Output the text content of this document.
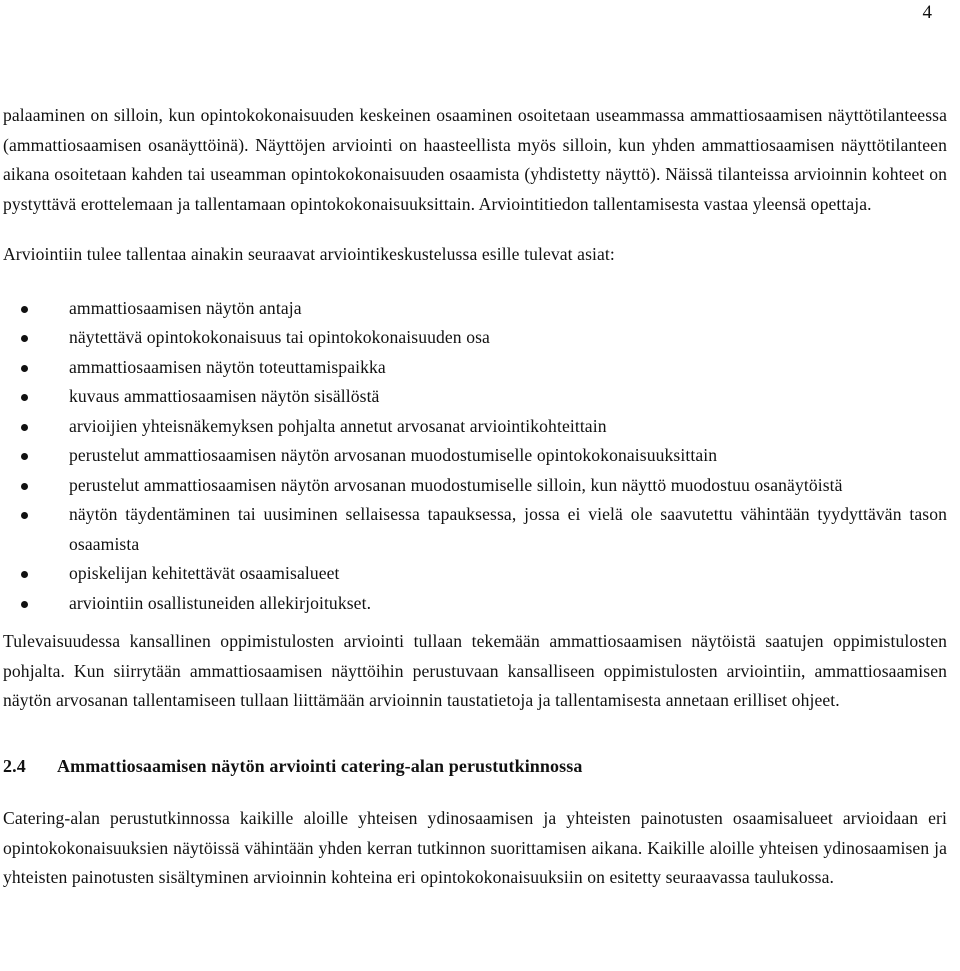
4

palaaminen on silloin, kun opintokokonaisuuden keskeinen osaaminen osoitetaan useammassa ammattiosaamisen näyttötilanteessa (ammattiosaamisen osanäyttöinä). Näyttöjen arviointi on haasteellista myös silloin, kun yhden ammattiosaamisen näyttötilanteen aikana osoitetaan kahden tai useamman opintokokonaisuuden osaamista (yhdistetty näyttö). Näissä tilanteissa arvioinnin kohteet on pystyttävä erottelemaan ja tallentamaan opintokokonaisuuksittain. Arviointitiedon tallentamisesta vastaa yleensä opettaja.

Arviointiin tulee tallentaa ainakin seuraavat arviointikeskustelussa esille tulevat asiat:

ammattiosaamisen näytön antaja
näytettävä opintokokonaisuus tai opintokokonaisuuden osa
ammattiosaamisen näytön toteuttamispaikka
kuvaus ammattiosaamisen näytön sisällöstä
arvioijien yhteisnäkemyksen pohjalta annetut arvosanat arviointikohteittain
perustelut ammattiosaamisen näytön arvosanan muodostumiselle opintokokonaisuuksittain
perustelut ammattiosaamisen näytön arvosanan muodostumiselle silloin, kun näyttö muodostuu osanäytöistä
näytön täydentäminen tai uusiminen sellaisessa tapauksessa, jossa ei vielä ole saavutettu vähintään tyydyttävän tason osaamista
opiskelijan kehitettävät osaamisalueet
arviointiin osallistuneiden allekirjoitukset.

Tulevaisuudessa kansallinen oppimistulosten arviointi tullaan tekemään ammattiosaamisen näytöistä saatujen oppimistulosten pohjalta. Kun siirrytään ammattiosaamisen näyttöihin perustuvaan kansalliseen oppimistulosten arviointiin, ammattiosaamisen näytön arvosanan tallentamiseen tullaan liittämään arvioinnin taustatietoja ja tallentamisesta annetaan erilliset ohjeet.

2.4 Ammattiosaamisen näytön arviointi catering-alan perustutkinnossa

Catering-alan perustutkinnossa kaikille aloille yhteisen ydinosaamisen ja yhteisten painotusten osaamisalueet arvioidaan eri opintokokonaisuuksien näytöissä vähintään yhden kerran tutkinnon suorittamisen aikana. Kaikille aloille yhteisen ydinosaamisen ja yhteisten painotusten sisältyminen arvioinnin kohteina eri opintokokonaisuuksiin on esitetty seuraavassa taulukossa.
